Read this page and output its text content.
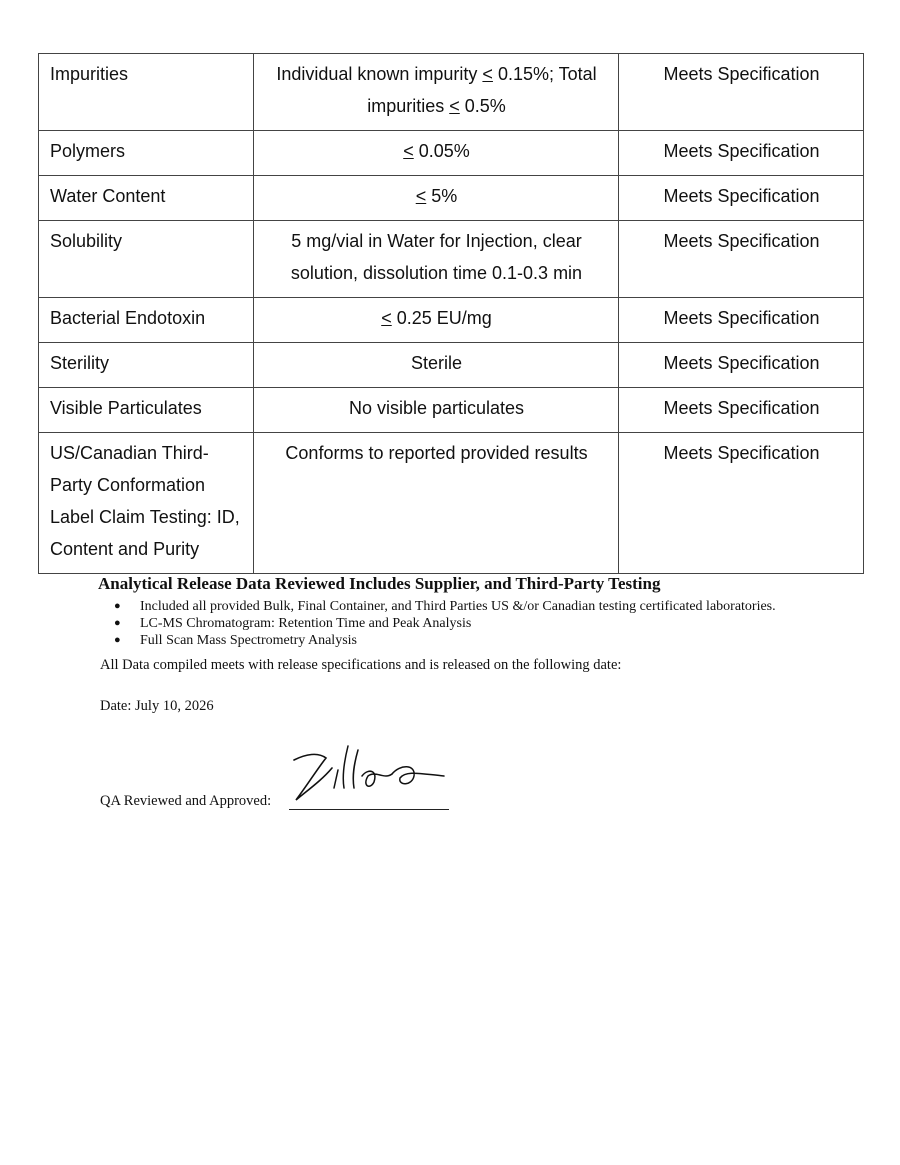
Impurities	Individual known impurity < 0.15%; Total impurities < 0.5%	Meets Specification
Polymers	< 0.05%	Meets Specification
Water Content	< 5%	Meets Specification
Solubility	5 mg/vial in Water for Injection, clear solution, dissolution time 0.1-0.3 min	Meets Specification
Bacterial Endotoxin	< 0.25 EU/mg	Meets Specification
Sterility	Sterile	Meets Specification
Visible Particulates	No visible particulates	Meets Specification
US/Canadian Third-Party Conformation Label Claim Testing: ID, Content and Purity	Conforms to reported provided results	Meets Specification
Analytical Release Data Reviewed Includes Supplier, and Third-Party Testing
● Included all provided Bulk, Final Container, and Third Parties US &/or Canadian testing certificated laboratories.
● LC-MS Chromatogram: Retention Time and Peak Analysis
● Full Scan Mass Spectrometry Analysis
All Data compiled meets with release specifications and is released on the following date:
Date: July 10, 2026
QA Reviewed and Approved:
